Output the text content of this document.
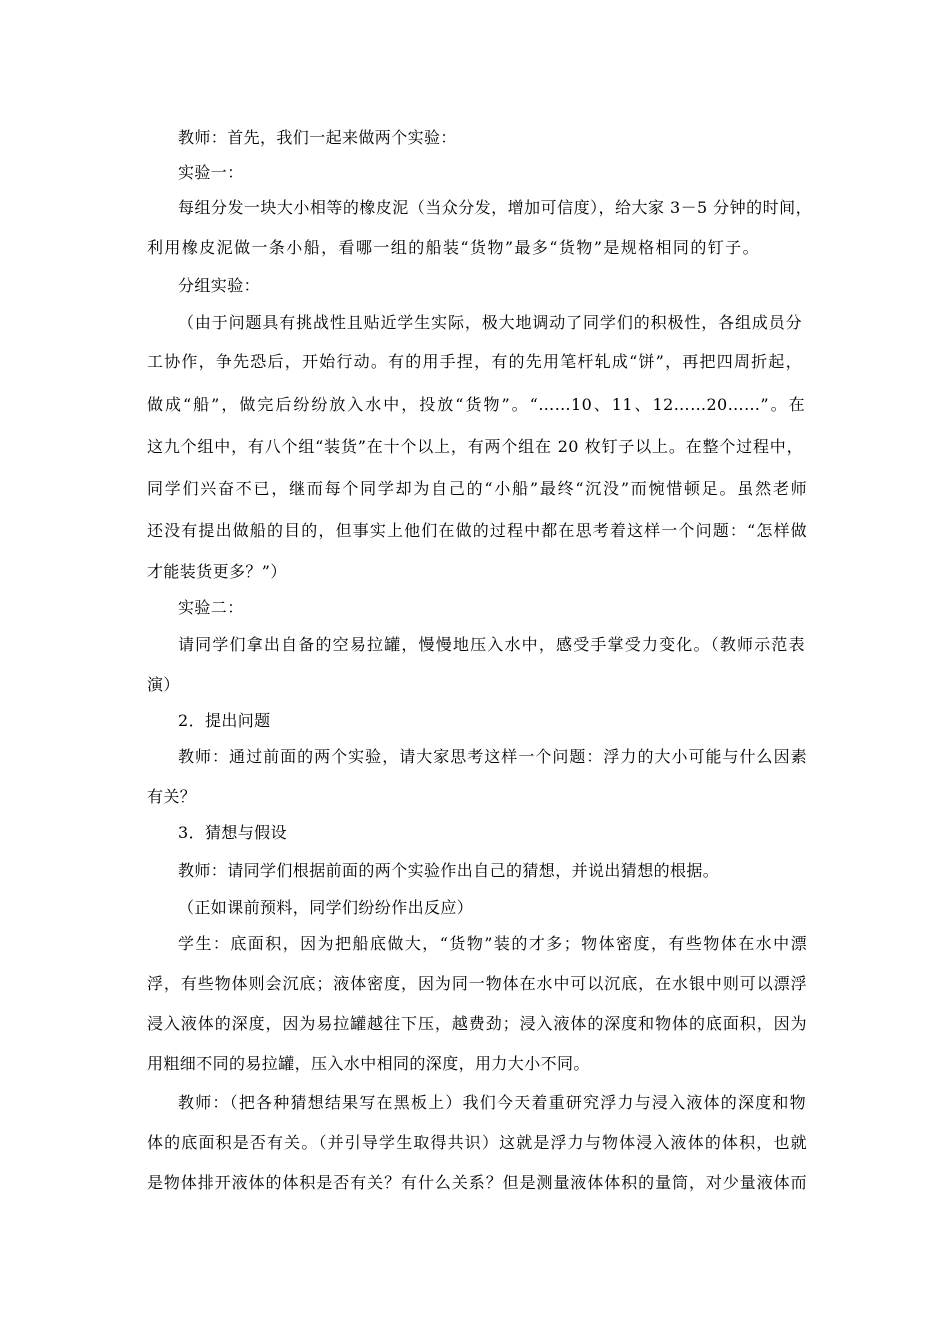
教师：首先，我们一起来做两个实验：
实验一：
每组分发一块大小相等的橡皮泥（当众分发，增加可信度），给大家 3－5 分钟的时间，
利用橡皮泥做一条小船，看哪一组的船装“货物”最多“货物”是规格相同的钉子。
分组实验：
（由于问题具有挑战性且贴近学生实际，极大地调动了同学们的积极性，各组成员分
工协作，争先恐后，开始行动。有的用手捏，有的先用笔杆轧成“饼”，再把四周折起，
做成“船”，做完后纷纷放入水中，投放“货物”。“……10、11、12……20……”。在
这九个组中，有八个组“装货”在十个以上，有两个组在 20 枚钉子以上。在整个过程中，
同学们兴奋不已，继而每个同学却为自己的“小船”最终“沉没”而惋惜顿足。虽然老师
还没有提出做船的目的，但事实上他们在做的过程中都在思考着这样一个问题：“怎样做
才能装货更多？”）
实验二：
请同学们拿出自备的空易拉罐，慢慢地压入水中，感受手掌受力变化。（教师示范表
演）
2．提出问题
教师：通过前面的两个实验，请大家思考这样一个问题：浮力的大小可能与什么因素
有关？
3．猜想与假设
教师：请同学们根据前面的两个实验作出自己的猜想，并说出猜想的根据。
（正如课前预料，同学们纷纷作出反应）
学生：底面积，因为把船底做大，“货物”装的才多；物体密度，有些物体在水中漂
浮，有些物体则会沉底；液体密度，因为同一物体在水中可以沉底，在水银中则可以漂浮
浸入液体的深度，因为易拉罐越往下压，越费劲；浸入液体的深度和物体的底面积，因为
用粗细不同的易拉罐，压入水中相同的深度，用力大小不同。
教师：（把各种猜想结果写在黑板上）我们今天着重研究浮力与浸入液体的深度和物
体的底面积是否有关。（并引导学生取得共识）这就是浮力与物体浸入液体的体积，也就
是物体排开液体的体积是否有关？有什么关系？但是测量液体体积的量筒，对少量液体而
